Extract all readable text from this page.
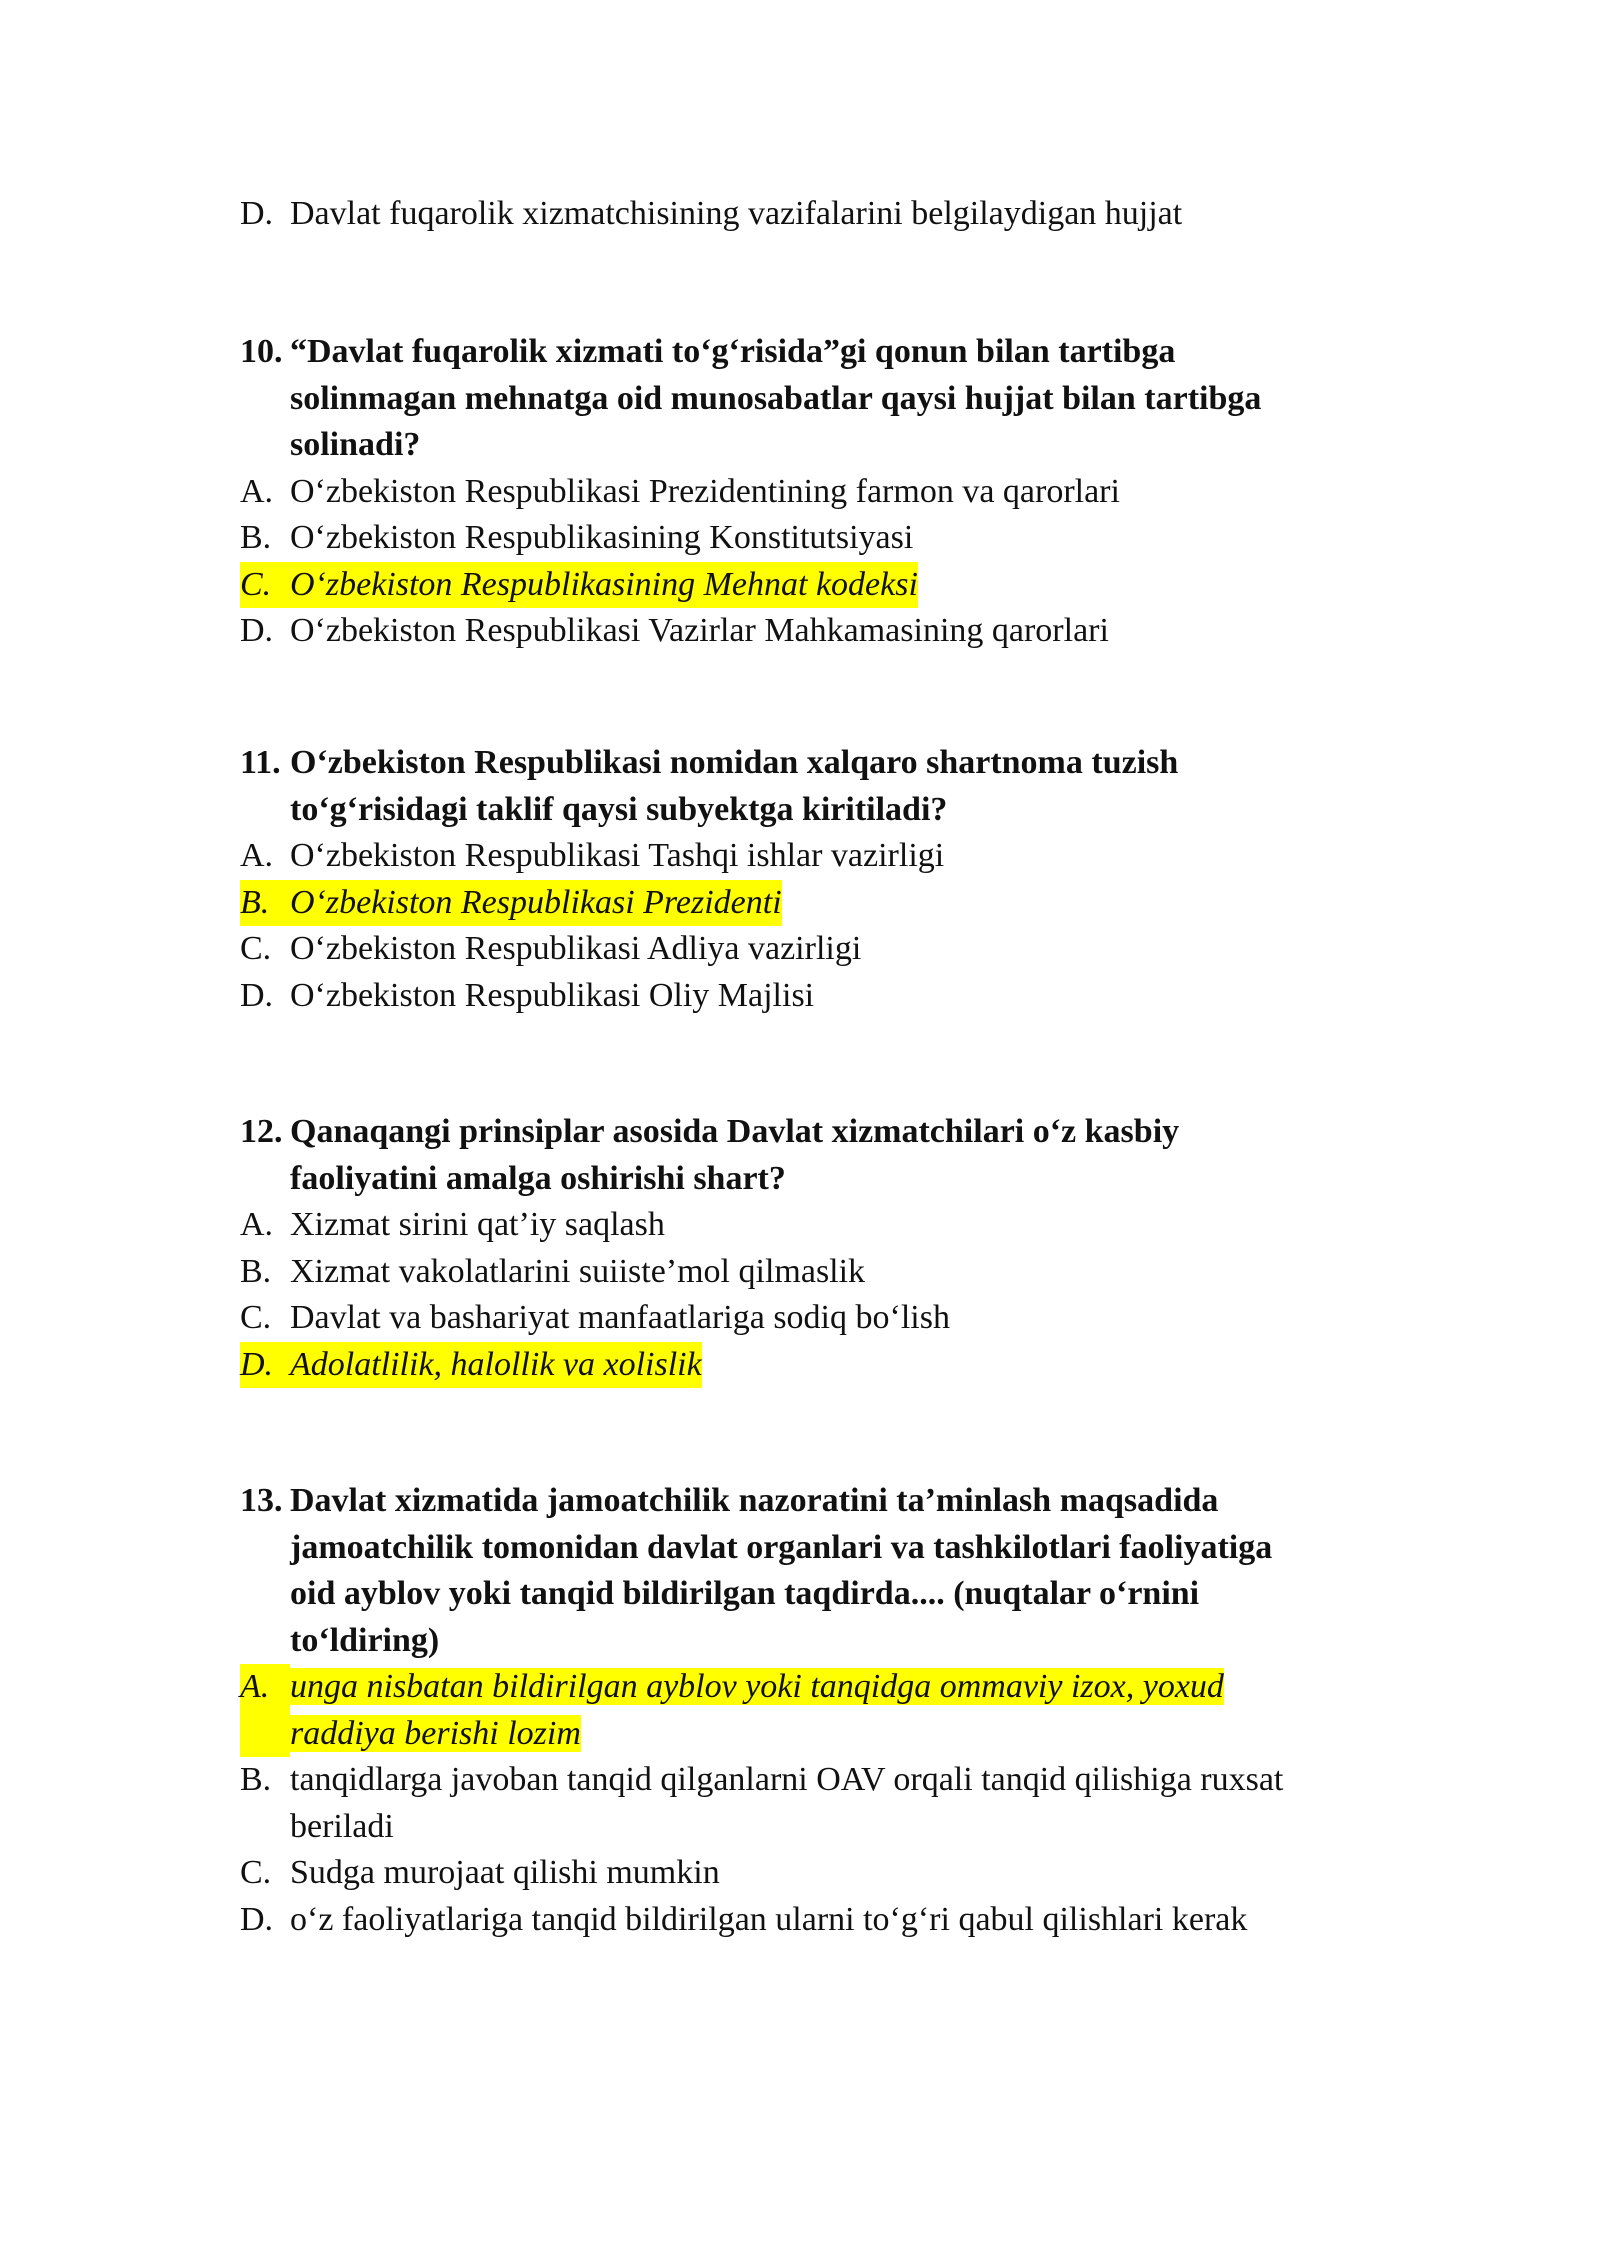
D. Davlat fuqarolik xizmatchisining vazifalarini belgilaydigan hujjat
10. “Davlat fuqarolik xizmati to‘g‘risida”gi qonun bilan tartibga
solinmagan mehnatga oid munosabatlar qaysi hujjat bilan tartibga
solinadi?
A. O‘zbekiston Respublikasi Prezidentining farmon va qarorlari
B. O‘zbekiston Respublikasining Konstitutsiyasi
C. O‘zbekiston Respublikasining Mehnat kodeksi
D. O‘zbekiston Respublikasi Vazirlar Mahkamasining qarorlari
11. O‘zbekiston Respublikasi nomidan xalqaro shartnoma tuzish
to‘g‘risidagi taklif qaysi subyektga kiritiladi?
A. O‘zbekiston Respublikasi Tashqi ishlar vazirligi
B. O‘zbekiston Respublikasi Prezidenti
C. O‘zbekiston Respublikasi Adliya vazirligi
D. O‘zbekiston Respublikasi Oliy Majlisi
12. Qanaqangi prinsiplar asosida Davlat xizmatchilari o‘z kasbiy
faoliyatini amalga oshirishi shart?
A. Xizmat sirini qat’iy saqlash
B. Xizmat vakolatlarini suiiste’mol qilmaslik
C. Davlat va bashariyat manfaatlariga sodiq bo‘lish
D. Adolatlilik, halollik va xolislik
13. Davlat xizmatida jamoatchilik nazoratini ta’minlash maqsadida
jamoatchilik tomonidan davlat organlari va tashkilotlari faoliyatiga
oid ayblov yoki tanqid bildirilgan taqdirda.... (nuqtalar o‘rnini
to‘ldiring)
A. unga nisbatan bildirilgan ayblov yoki tanqidga ommaviy izox, yoxud
raddiya berishi lozim
B. tanqidlarga javoban tanqid qilganlarni OAV orqali tanqid qilishiga ruxsat
beriladi
C. Sudga murojaat qilishi mumkin
D. o‘z faoliyatlariga tanqid bildirilgan ularni to‘g‘ri qabul qilishlari kerak
